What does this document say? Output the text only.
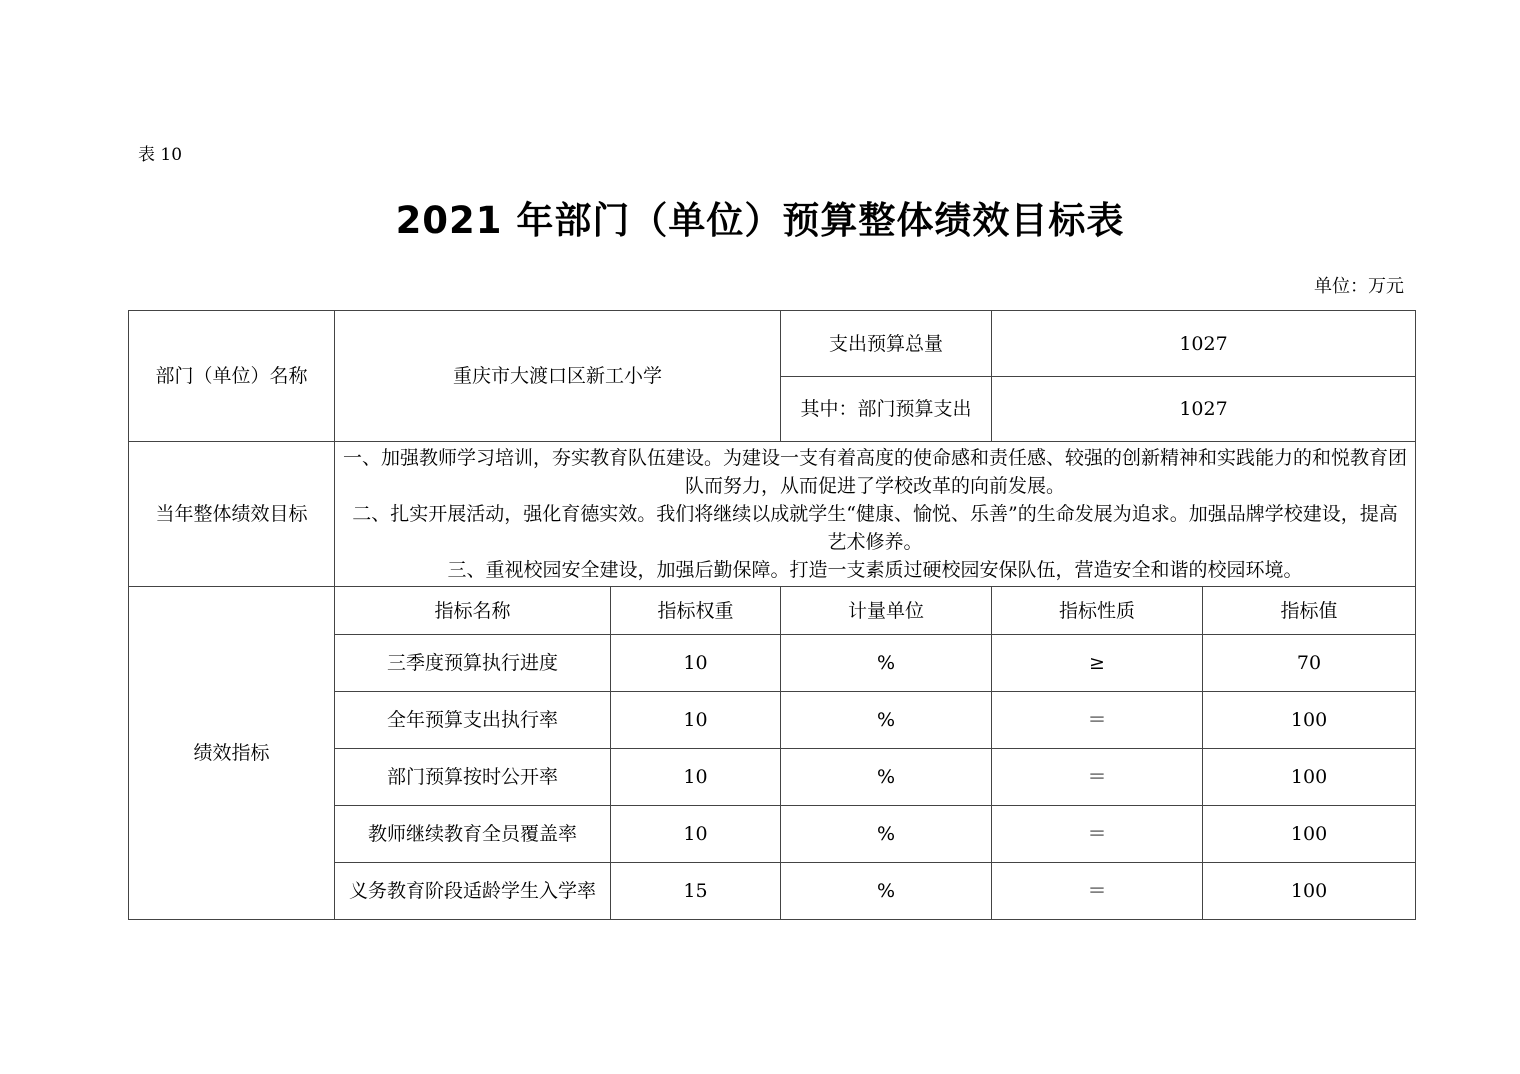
表 10
2021 年部门（单位）预算整体绩效目标表
单位：万元
部门（单位）名称	重庆市大渡口区新工小学		支出预算总量	1027	
			其中：部门预算支出	1027	
当年整体绩效目标	一、加强教师学习培训，夯实教育队伍建设。为建设一支有着高度的使命感和责任感、较强的创新精神和实践能力的和悦教育团队而努力，从而促进了学校改革的向前发展。

二、扎实开展活动，强化育德实效。我们将继续以成就学生“健康、愉悦、乐善”的生命发展为追求。加强品牌学校建设，提高艺术修养。

三、重视校园安全建设，加强后勤保障。打造一支素质过硬校园安保队伍，营造安全和谐的校园环境。				

绩效指标	指标名称	指标权重	计量单位	指标性质	指标值
	三季度预算执行进度	10	%	≥	70
	全年预算支出执行率	10	%	＝	100
	部门预算按时公开率	10	%	＝	100
	教师继续教育全员覆盖率	10	%	＝	100
	义务教育阶段适龄学生入学率	15	%	＝	100
